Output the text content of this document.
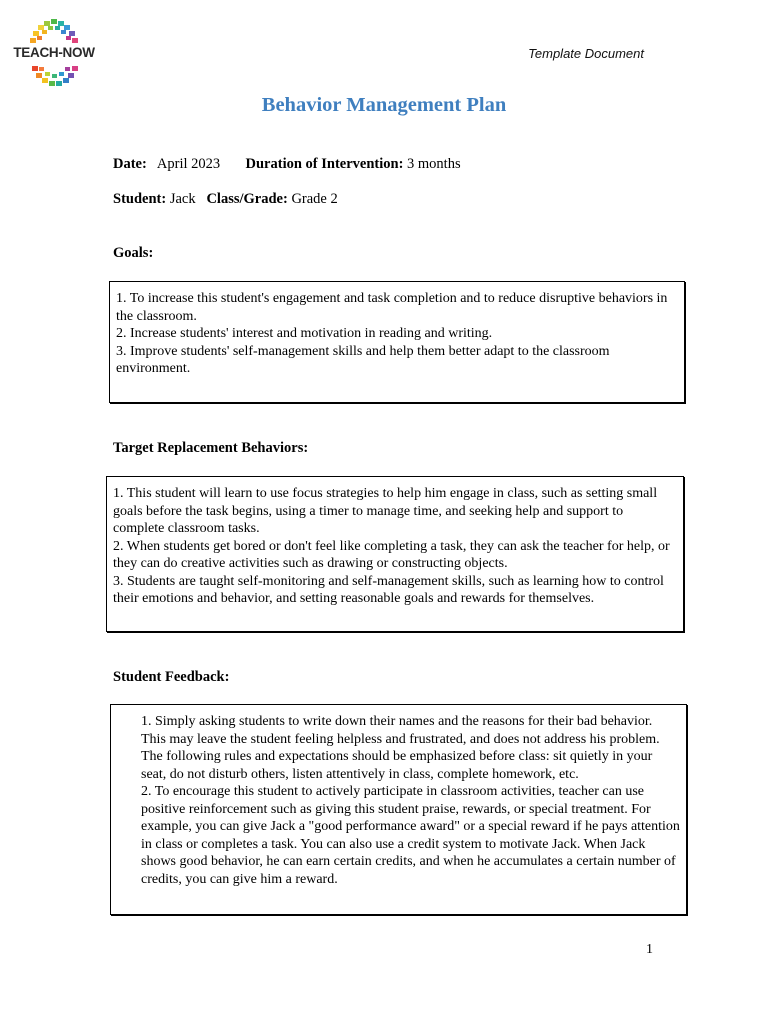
TEACH-NOW	Template Document
Behavior Management Plan
Date: April 2023 Duration of Intervention: 3 months
Student: Jack Class/Grade: Grade 2
Goals:

1. To increase this student's engagement and task completion and to reduce disruptive behaviors in the classroom.

2. Increase students' interest and motivation in reading and writing.

3. Improve students' self-management skills and help them better adapt to the classroom environment.

Target Replacement Behaviors:

1. This student will learn to use focus strategies to help him engage in class, such as setting small goals before the task begins, using a timer to manage time, and seeking help and support to complete classroom tasks.

2. When students get bored or don't feel like completing a task, they can ask the teacher for help, or they can do creative activities such as drawing or constructing objects.

3. Students are taught self-monitoring and self-management skills, such as learning how to control their emotions and behavior, and setting reasonable goals and rewards for themselves.

Student Feedback:

1. Simply asking students to write down their names and the reasons for their bad behavior. This may leave the student feeling helpless and frustrated, and does not address his problem. The following rules and expectations should be emphasized before class: sit quietly in your seat, do not disturb others, listen attentively in class, complete homework, etc.

2. To encourage this student to actively participate in classroom activities, teacher can use positive reinforcement such as giving this student praise, rewards, or special treatment. For example, you can give Jack a "good performance award" or a special reward if he pays attention in class or completes a task. You can also use a credit system to motivate Jack. When Jack shows good behavior, he can earn certain credits, and when he accumulates a certain number of credits, you can give him a reward.

1
